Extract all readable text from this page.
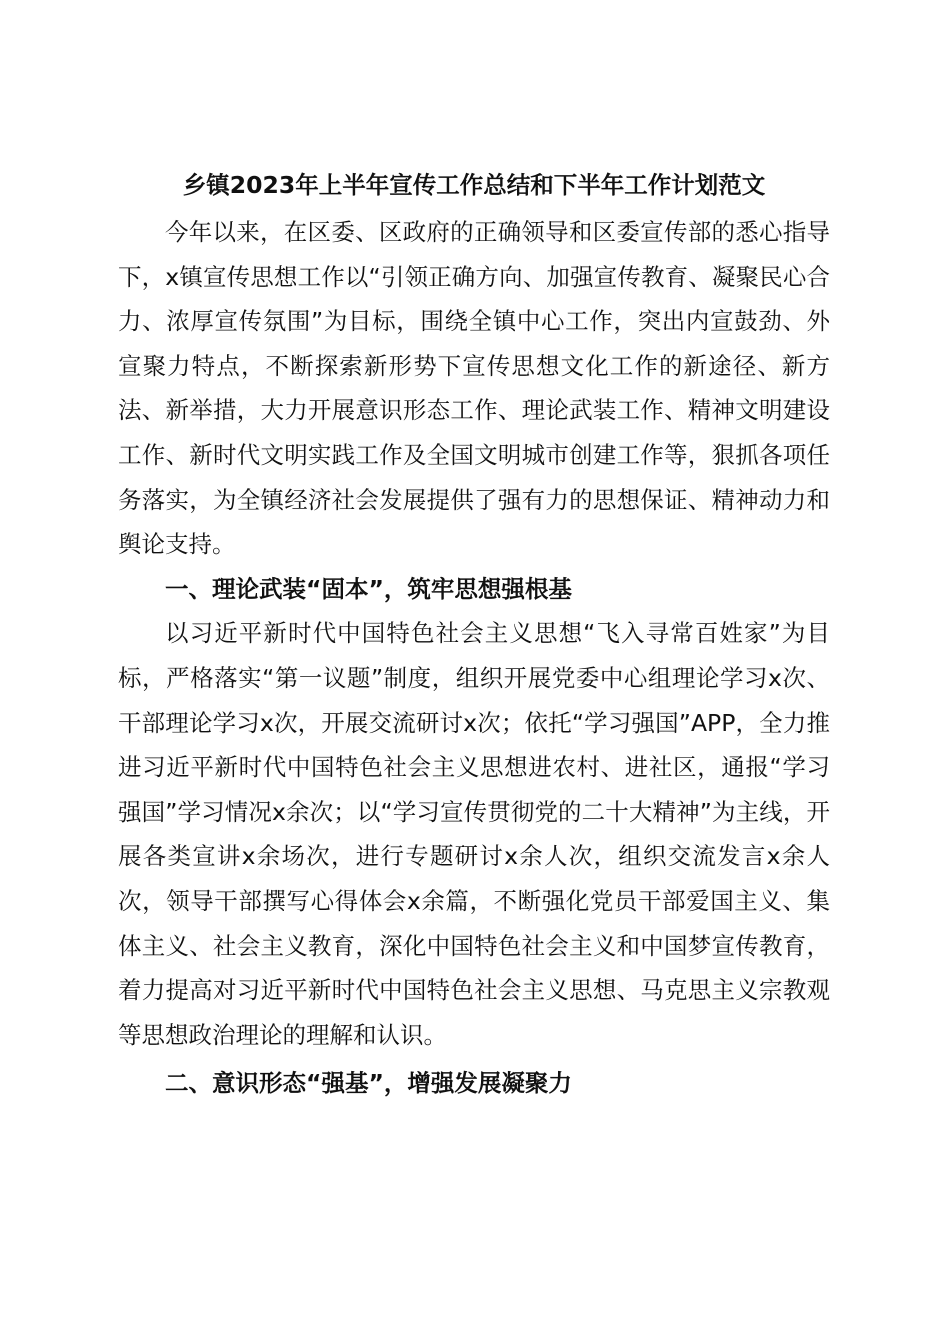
乡镇2023年上半年宣传工作总结和下半年工作计划范文

今年以来，在区委、区政府的正确领导和区委宣传部的悉心指导下，x镇宣传思想工作以“引领正确方向、加强宣传教育、凝聚民心合力、浓厚宣传氛围”为目标，围绕全镇中心工作，突出内宣鼓劲、外宣聚力特点，不断探索新形势下宣传思想文化工作的新途径、新方法、新举措，大力开展意识形态工作、理论武装工作、精神文明建设工作、新时代文明实践工作及全国文明城市创建工作等，狠抓各项任务落实，为全镇经济社会发展提供了强有力的思想保证、精神动力和舆论支持。

一、理论武装“固本”，筑牢思想强根基

以习近平新时代中国特色社会主义思想“飞入寻常百姓家”为目标，严格落实“第一议题”制度，组织开展党委中心组理论学习x次、干部理论学习x次，开展交流研讨x次；依托“学习强国”APP，全力推进习近平新时代中国特色社会主义思想进农村、进社区，通报“学习强国”学习情况x余次；以“学习宣传贯彻党的二十大精神”为主线，开展各类宣讲x余场次，进行专题研讨x余人次，组织交流发言x余人次，领导干部撰写心得体会x余篇，不断强化党员干部爱国主义、集体主义、社会主义教育，深化中国特色社会主义和中国梦宣传教育，着力提高对习近平新时代中国特色社会主义思想、马克思主义宗教观等思想政治理论的理解和认识。

二、意识形态“强基”，增强发展凝聚力
